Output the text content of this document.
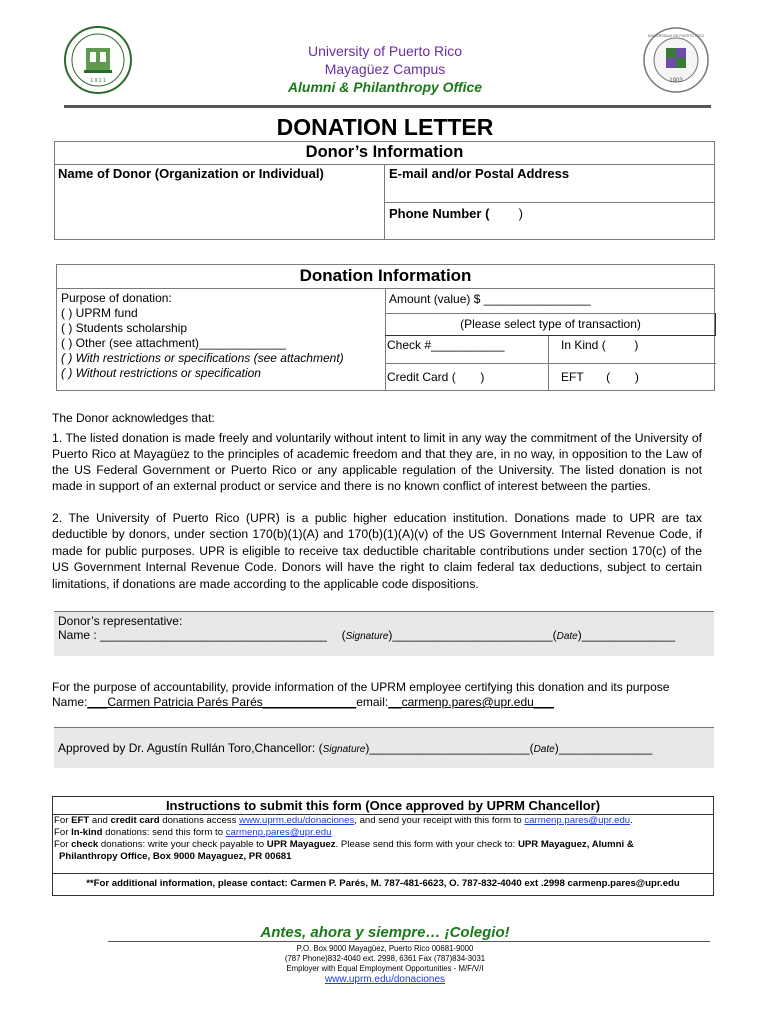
1 9 1 1	1903
UNIVERSIDAD DE PUERTO RICO
University of Puerto Rico
Mayagüez Campus
Alumni & Philanthropy Office
DONATION LETTER
Donor’s Information
Name of Donor (Organization or Individual)	E-mail and/or Postal Address
Phone Number ( )
Donation Information
Purpose of donation:
( ) UPRM fund
( ) Students scholarship
( ) Other (see attachment)_____________
( ) With restrictions or specifications (see attachment)
( ) Without restrictions or specification
Amount (value) $ ________________
(Please select type of transaction)
Check #___________	In Kind ( )
Credit Card ( )	EFT ( )
The Donor acknowledges that:
1. The listed donation is made freely and voluntarily without intent to limit in any way the commitment of the University of Puerto Rico at Mayagüez to the principles of academic freedom and that they are, in no way, in opposition to the Law of the US Federal Government or Puerto Rico or any applicable regulation of the University. The listed donation is not made in support of an external product or service and there is no known conflict of interest between the parties.
2. The University of Puerto Rico (UPR) is a public higher education institution. Donations made to UPR are tax deductible by donors, under section 170(b)(1)(A) and 170(b)(1)(A)(v) of the US Government Internal Revenue Code, if made for public purposes. UPR is eligible to receive tax deductible charitable contributions under section 170(c) of the US Government Internal Revenue Code. Donors will have the right to claim federal tax deductions, subject to certain limitations, if donations are made according to the applicable code dispositions.
Donor’s representative:
Name : __________________________________ (Signature)________________________(Date)______________
For the purpose of accountability, provide information of the UPRM employee certifying this donation and its purpose
Name:___Carmen Patricia Parés Parés______________email:__carmenp.pares@upr.edu___
Approved by Dr. Agustín Rullán Toro,Chancellor: (Signature)________________________(Date)______________
Instructions to submit this form (Once approved by UPRM Chancellor)
For EFT and credit card donations access www.uprm.edu/donaciones, and send your receipt with this form to carmenp.pares@upr.edu.
For In-kind donations: send this form to carmenp.pares@upr.edu
For check donations: write your check payable to UPR Mayaguez. Please send this form with your check to: UPR Mayaguez, Alumni &
Philanthropy Office, Box 9000 Mayaguez, PR 00681
**For additional information, please contact: Carmen P. Parés, M. 787-481-6623, O. 787-832-4040 ext .2998 carmenp.pares@upr.edu
Antes, ahora y siempre… ¡Colegio!
P.O. Box 9000 Mayagüez, Puerto Rico 00681-9000
(787 Phone)832-4040 ext. 2998, 6361 Fax (787)834-3031
Employer with Equal Employment Opportunities - M/F/V/I
www.uprm.edu/donaciones
